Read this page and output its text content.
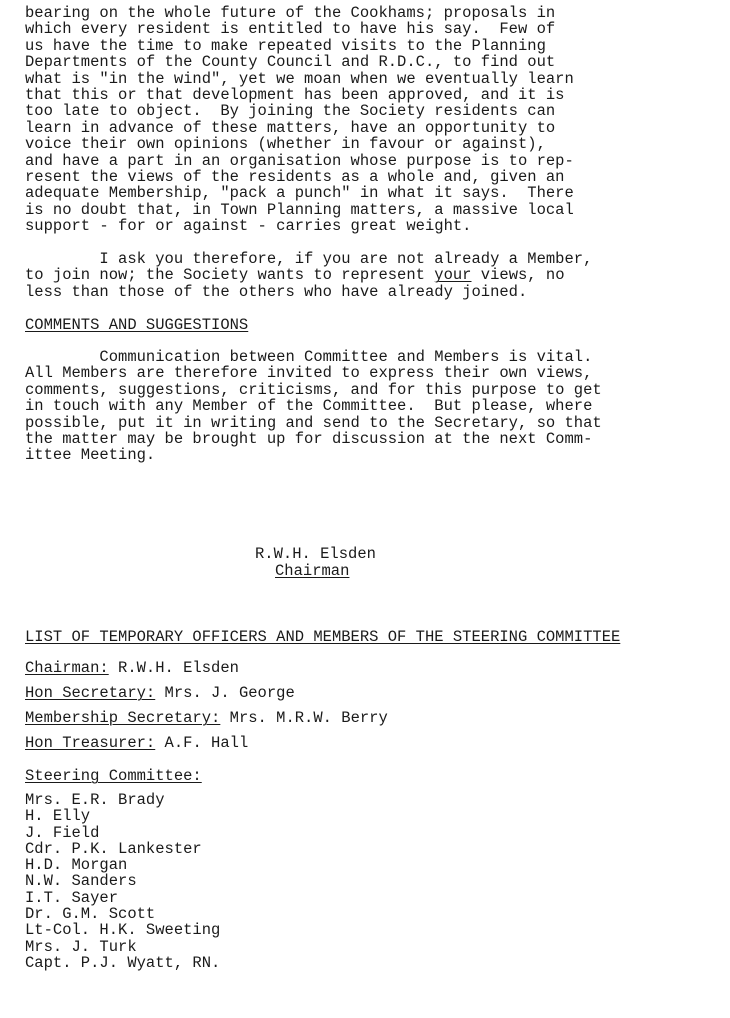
bearing on the whole future of the Cookhams; proposals in
which every resident is entitled to have his say.  Few of
us have the time to make repeated visits to the Planning
Departments of the County Council and R.D.C., to find out
what is "in the wind", yet we moan when we eventually learn
that this or that development has been approved, and it is
too late to object.  By joining the Society residents can
learn in advance of these matters, have an opportunity to
voice their own opinions (whether in favour or against),
and have a part in an organisation whose purpose is to rep-
resent the views of the residents as a whole and, given an
adequate Membership, "pack a punch" in what it says.  There
is no doubt that, in Town Planning matters, a massive local
support - for or against - carries great weight.

I ask you therefore, if you are not already a Member,
to join now; the Society wants to represent your views, no
less than those of the others who have already joined.

COMMENTS AND SUGGESTIONS

Communication between Committee and Members is vital.
All Members are therefore invited to express their own views,
comments, suggestions, criticisms, and for this purpose to get
in touch with any Member of the Committee.  But please, where
possible, put it in writing and send to the Secretary, so that
the matter may be brought up for discussion at the next Comm-
ittee Meeting.

R.W.H. Elsden
Chairman
LIST OF TEMPORARY OFFICERS AND MEMBERS OF THE STEERING COMMITTEE
Chairman: R.W.H. Elsden
Hon Secretary: Mrs. J. George
Membership Secretary: Mrs. M.R.W. Berry
Hon Treasurer: A.F. Hall
Steering Committee:
Mrs. E.R. Brady
H. Elly
J. Field
Cdr. P.K. Lankester
H.D. Morgan
N.W. Sanders
I.T. Sayer
Dr. G.M. Scott
Lt-Col. H.K. Sweeting
Mrs. J. Turk
Capt. P.J. Wyatt, RN.
